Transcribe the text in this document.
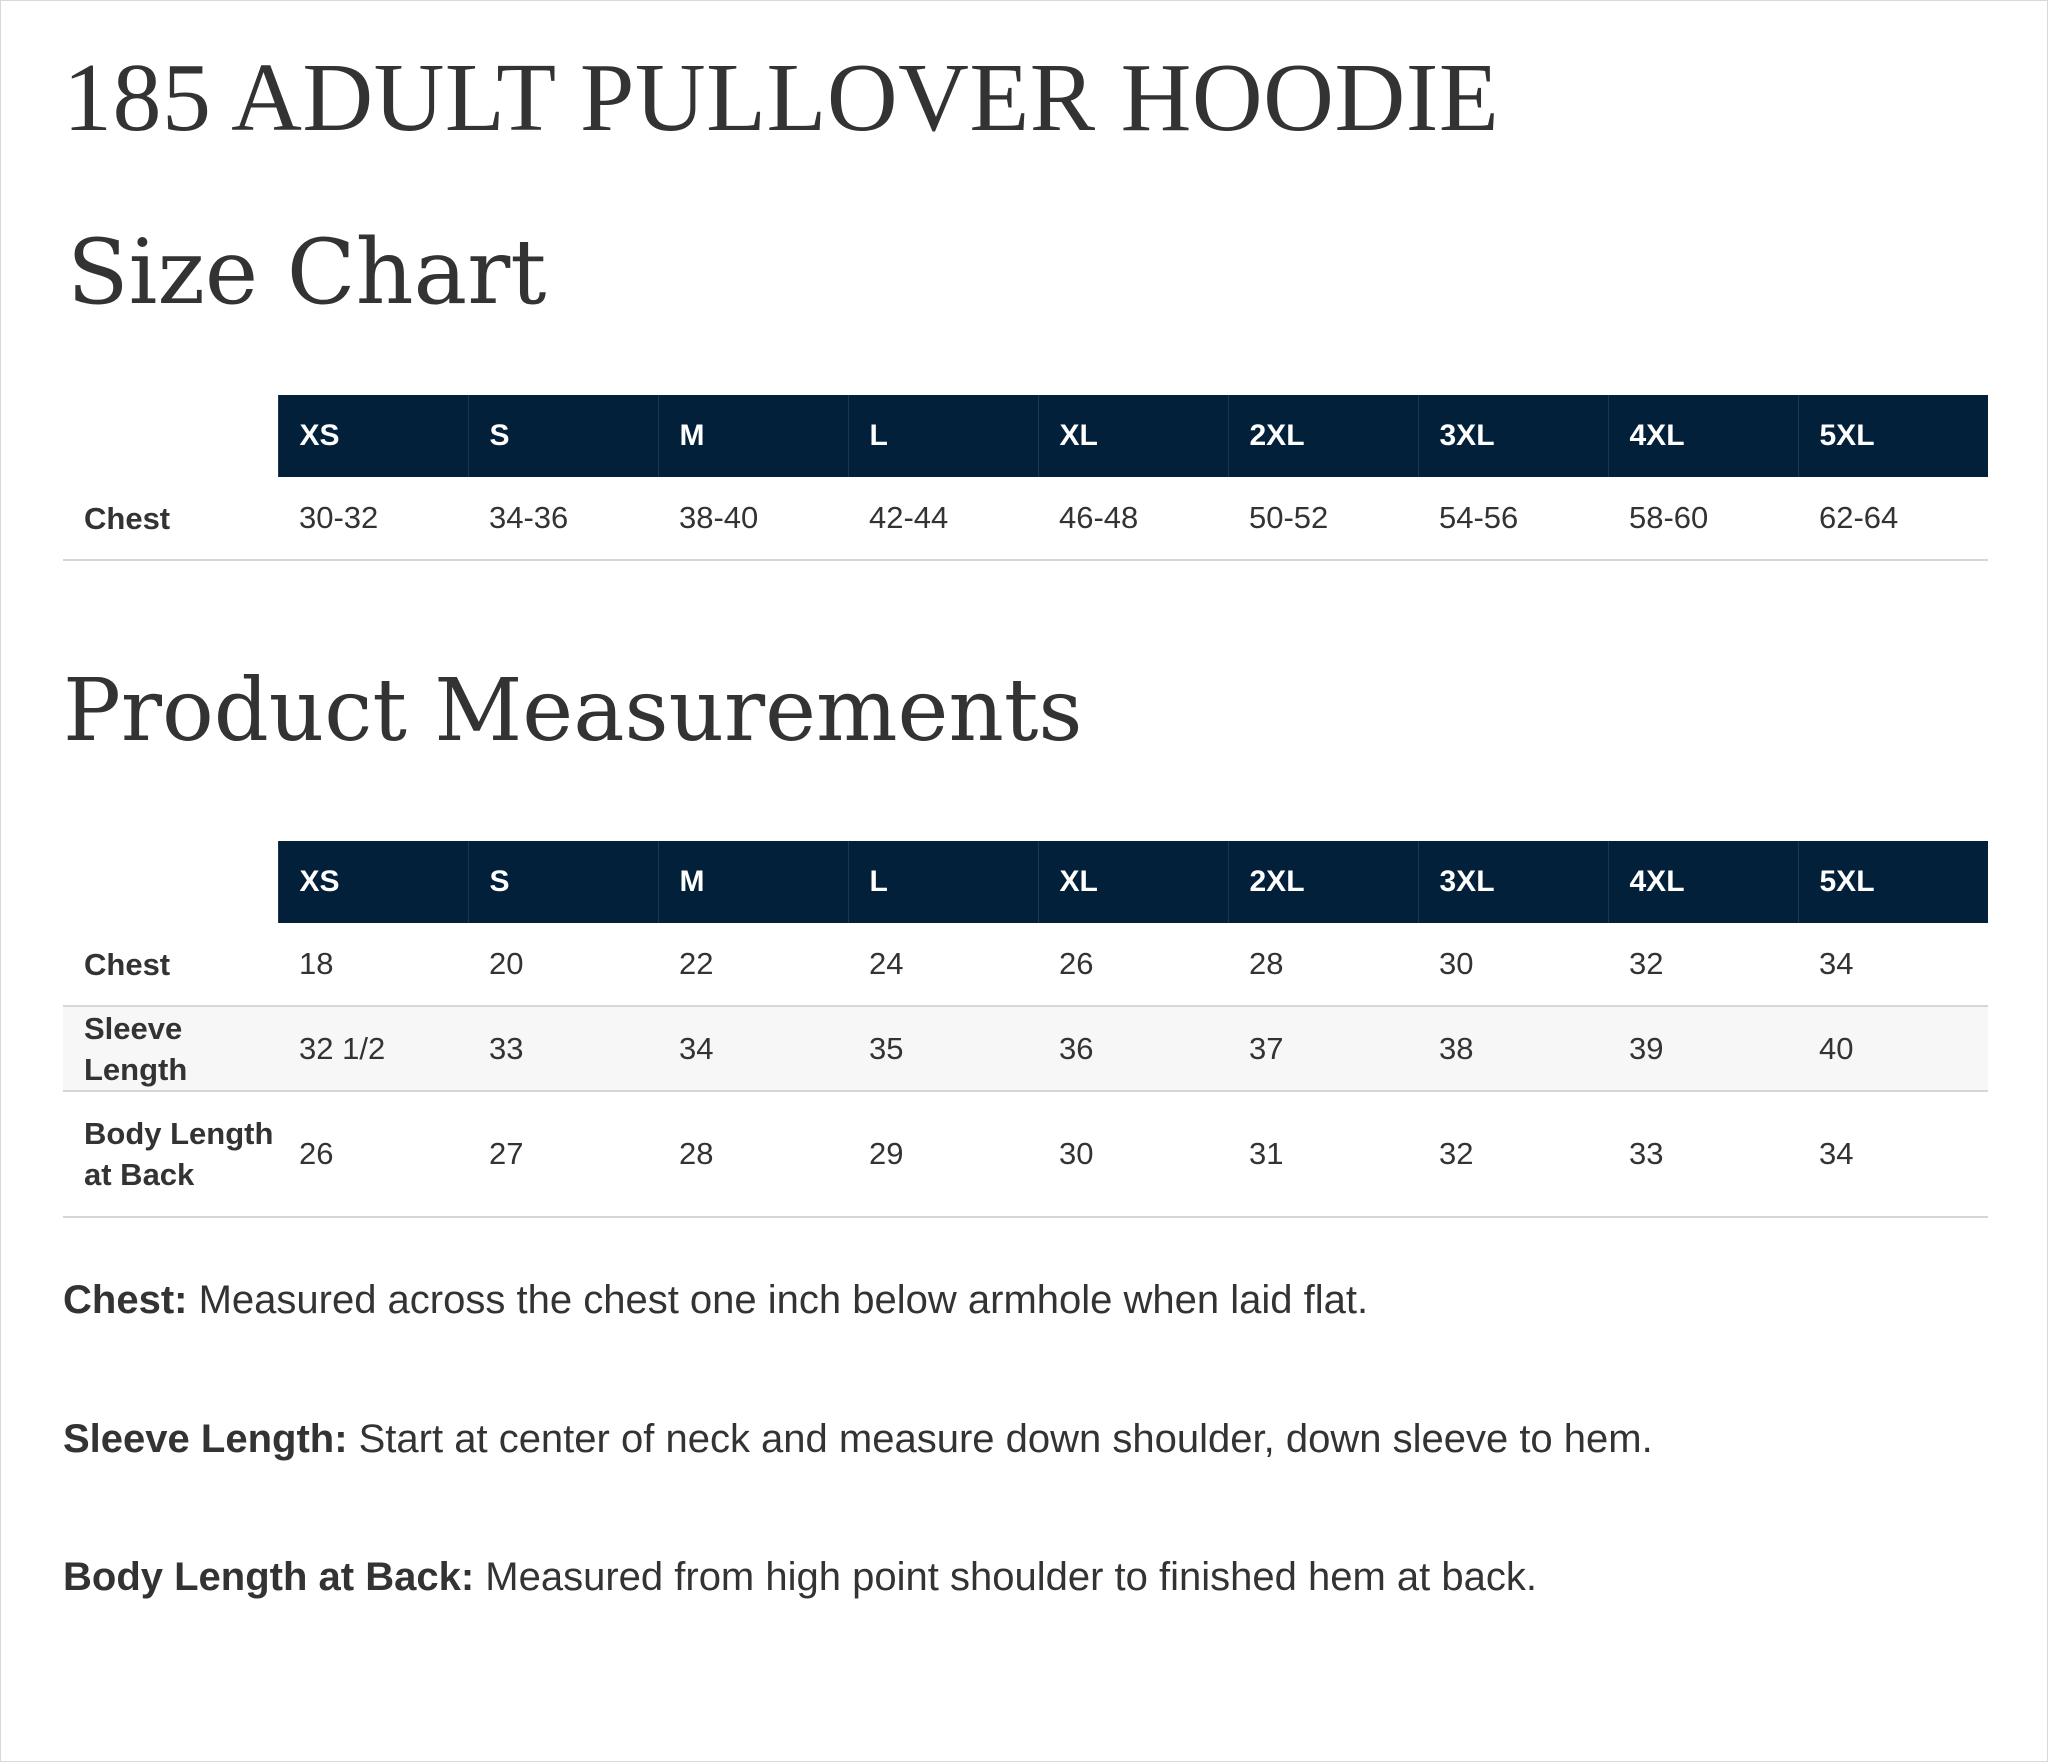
185 ADULT PULLOVER HOODIE
Size Chart
	XS	S	M	L	XL	2XL	3XL	4XL	5XL
Chest	30-32	34-36	38-40	42-44	46-48	50-52	54-56	58-60	62-64
Product Measurements
	XS	S	M	L	XL	2XL	3XL	4XL	5XL
Chest	18	20	22	24	26	28	30	32	34
Sleeve Length	32 1/2	33	34	35	36	37	38	39	40
Body Length at Back	26	27	28	29	30	31	32	33	34

Chest: Measured across the chest one inch below armhole when laid flat.

Sleeve Length: Start at center of neck and measure down shoulder, down sleeve to hem.

Body Length at Back: Measured from high point shoulder to finished hem at back.
